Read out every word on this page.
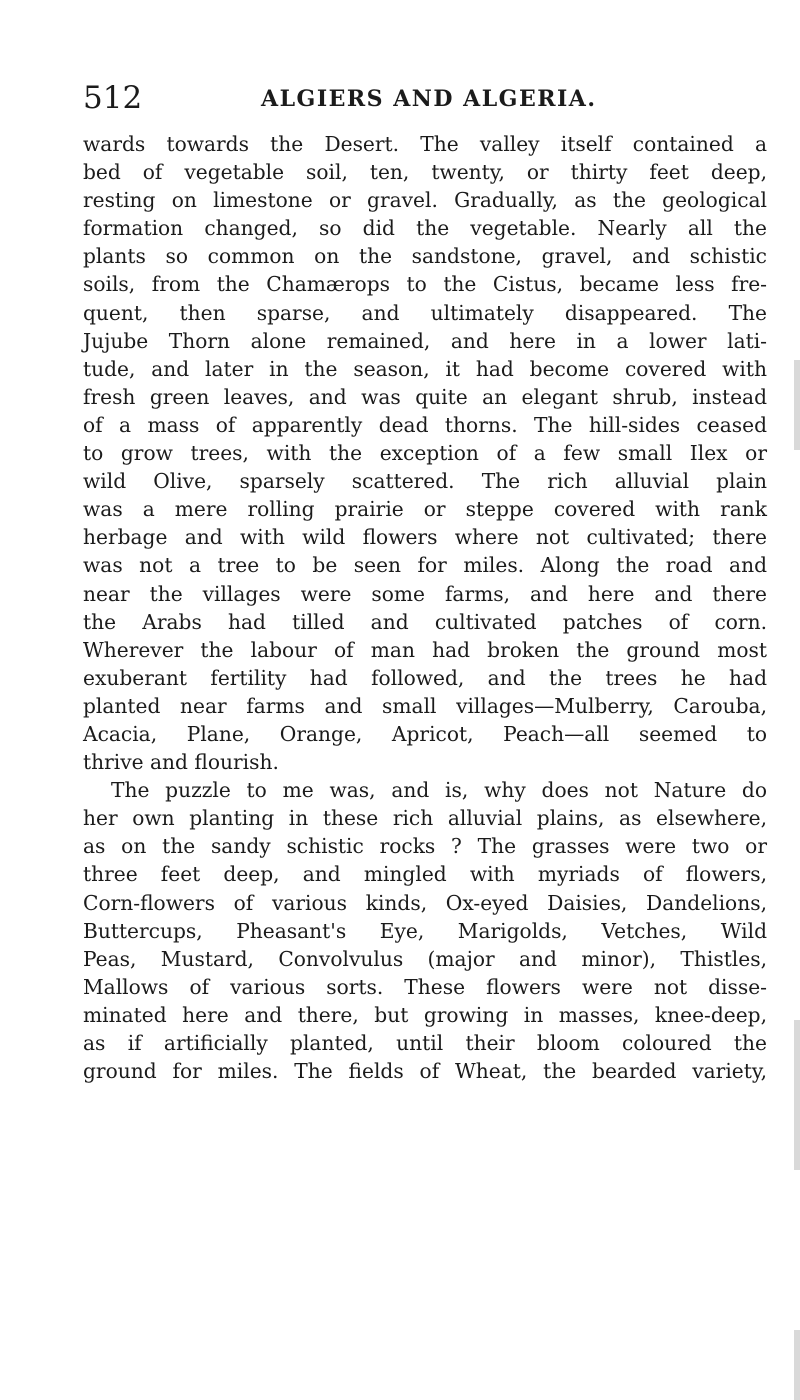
512	ALGIERS AND ALGERIA.
wards towards the Desert. The valley itself contained a
bed of vegetable soil, ten, twenty, or thirty feet deep,
resting on limestone or gravel. Gradually, as the geological
formation changed, so did the vegetable. Nearly all the
plants so common on the sandstone, gravel, and schistic
soils, from the Chamærops to the Cistus, became less fre-
quent, then sparse, and ultimately disappeared. The
Jujube Thorn alone remained, and here in a lower lati-
tude, and later in the season, it had become covered with
fresh green leaves, and was quite an elegant shrub, instead
of a mass of apparently dead thorns. The hill-sides ceased
to grow trees, with the exception of a few small Ilex or
wild Olive, sparsely scattered. The rich alluvial plain
was a mere rolling prairie or steppe covered with rank
herbage and with wild flowers where not cultivated; there
was not a tree to be seen for miles. Along the road and
near the villages were some farms, and here and there
the Arabs had tilled and cultivated patches of corn.
Wherever the labour of man had broken the ground most
exuberant fertility had followed, and the trees he had
planted near farms and small villages—Mulberry, Carouba,
Acacia, Plane, Orange, Apricot, Peach—all seemed to
thrive and flourish.
The puzzle to me was, and is, why does not Nature do
her own planting in these rich alluvial plains, as elsewhere,
as on the sandy schistic rocks ? The grasses were two or
three feet deep, and mingled with myriads of flowers,
Corn-flowers of various kinds, Ox-eyed Daisies, Dandelions,
Buttercups, Pheasant's Eye, Marigolds, Vetches, Wild
Peas, Mustard, Convolvulus (major and minor), Thistles,
Mallows of various sorts. These flowers were not disse-
minated here and there, but growing in masses, knee-deep,
as if artificially planted, until their bloom coloured the
ground for miles. The fields of Wheat, the bearded variety,
